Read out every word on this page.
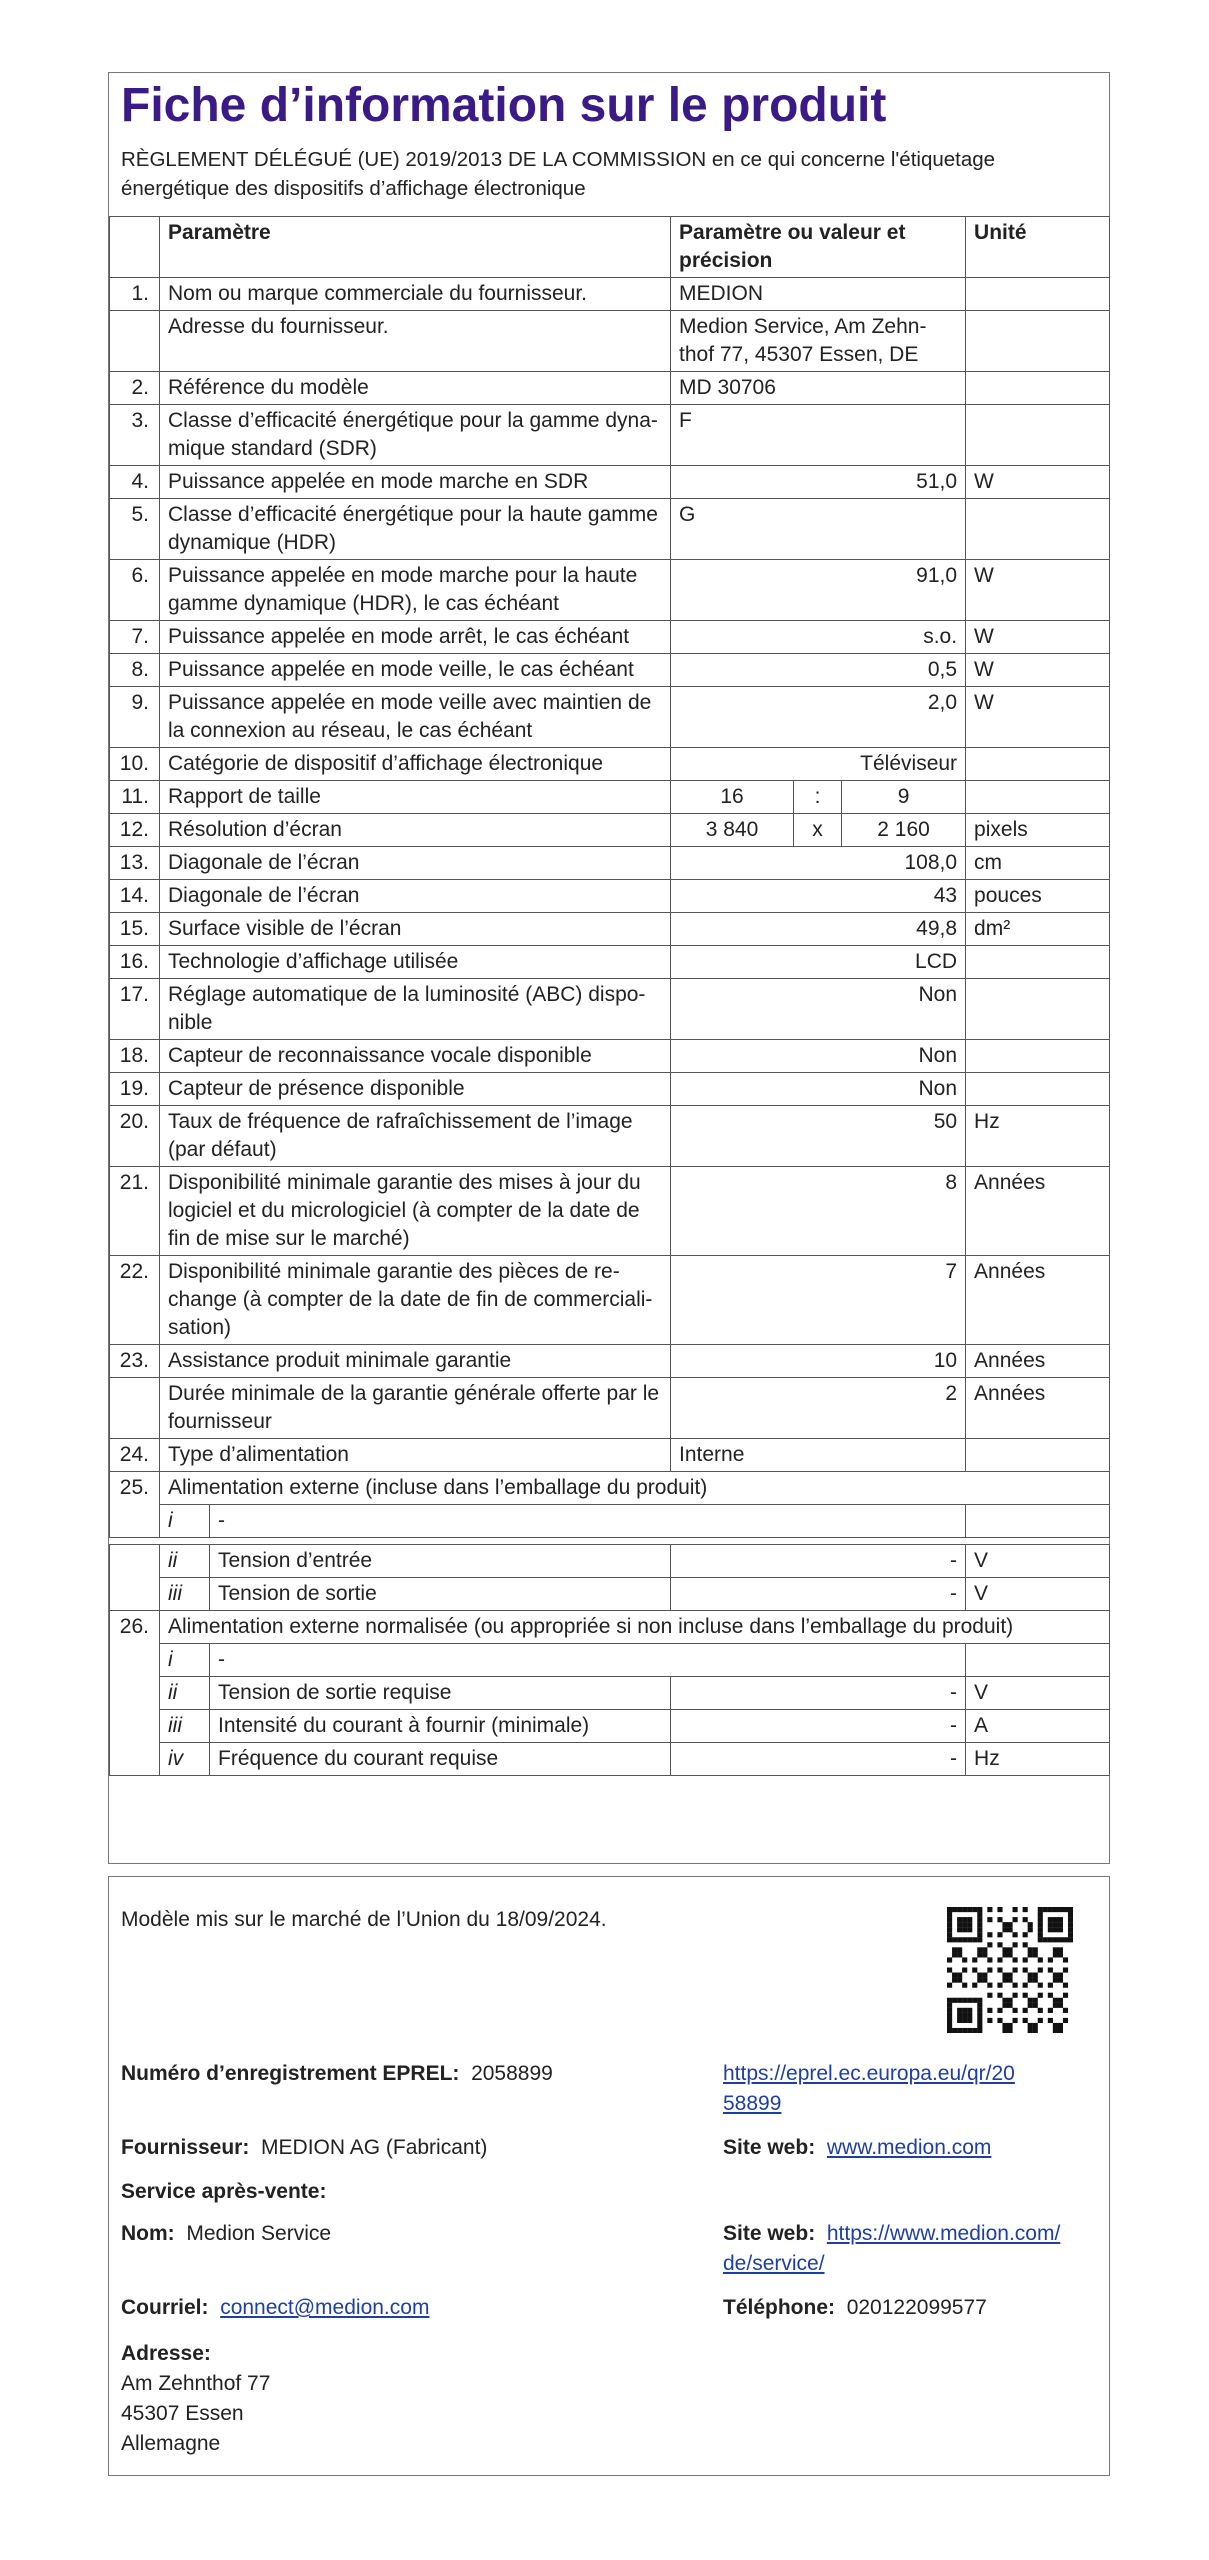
Fiche d’information sur le produit
RÈGLEMENT DÉLÉGUÉ (UE) 2019/2013 DE LA COMMISSION en ce qui concerne l'étiquetage énergétique des dispositifs d’affichage électronique
	Paramètre		Paramètre ou valeur et précision			Unité
1.	Nom ou marque commerciale du fournisseur.		MEDION			
	Adresse du fournisseur.		Medion Service, Am Zehn-thof 77, 45307 Essen, DE			
2.	Référence du modèle		MD 30706			
3.	Classe d’efficacité énergétique pour la gamme dyna-mique standard (SDR)		F			
4.	Puissance appelée en mode marche en SDR		51,0			W
5.	Classe d’efficacité énergétique pour la haute gamme dynamique (HDR)		G			
6.	Puissance appelée en mode marche pour la haute gamme dynamique (HDR), le cas échéant		91,0			W
7.	Puissance appelée en mode arrêt, le cas échéant		s.o.			W
8.	Puissance appelée en mode veille, le cas échéant		0,5			W
9.	Puissance appelée en mode veille avec maintien de la connexion au réseau, le cas échéant		2,0			W
10.	Catégorie de dispositif d’affichage électronique		Téléviseur			
11.	Rapport de taille		16	:	9	
12.	Résolution d’écran		3 840	x	2 160	pixels
13.	Diagonale de l’écran		108,0			cm
14.	Diagonale de l’écran		43			pouces
15.	Surface visible de l’écran		49,8			dm²
16.	Technologie d’affichage utilisée		LCD			
17.	Réglage automatique de la luminosité (ABC) dispo-nible		Non			
18.	Capteur de reconnaissance vocale disponible		Non			
19.	Capteur de présence disponible		Non			
20.	Taux de fréquence de rafraîchissement de l’image (par défaut)		50			Hz
21.	Disponibilité minimale garantie des mises à jour du logiciel et du micrologiciel (à compter de la date de fin de mise sur le marché)		8			Années
22.	Disponibilité minimale garantie des pièces de re-change (à compter de la date de fin de commerciali-sation)		7			Années
23.	Assistance produit minimale garantie		10			Années
	Durée minimale de la garantie générale offerte par le fournisseur		2			Années
24.	Type d’alimentation		Interne			
25.	Alimentation externe (incluse dans l’emballage du produit)					
	i	-				

	ii	Tension d’entrée	-			V
	iii	Tension de sortie	-			V
26.	Alimentation externe normalisée (ou appropriée si non incluse dans l’emballage du produit)					
	i	-				
	ii	Tension de sortie requise	-			V
	iii	Intensité du courant à fournir (minimale)	-			A
	iv	Fréquence du courant requise	-			Hz
Modèle mis sur le marché de l’Union du 18/09/2024.
Numéro d’enregistrement EPREL: 2058899	https://eprel.ec.europa.eu/qr/20
58899
Fournisseur: MEDION AG (Fabricant)	Site web: www.medion.com
Service après-vente:
Nom: Medion Service	Site web: https://www.medion.com/
de/service/
Courriel: connect@medion.com	Téléphone: 020122099577
Adresse:
Am Zehnthof 77
45307 Essen
Allemagne
